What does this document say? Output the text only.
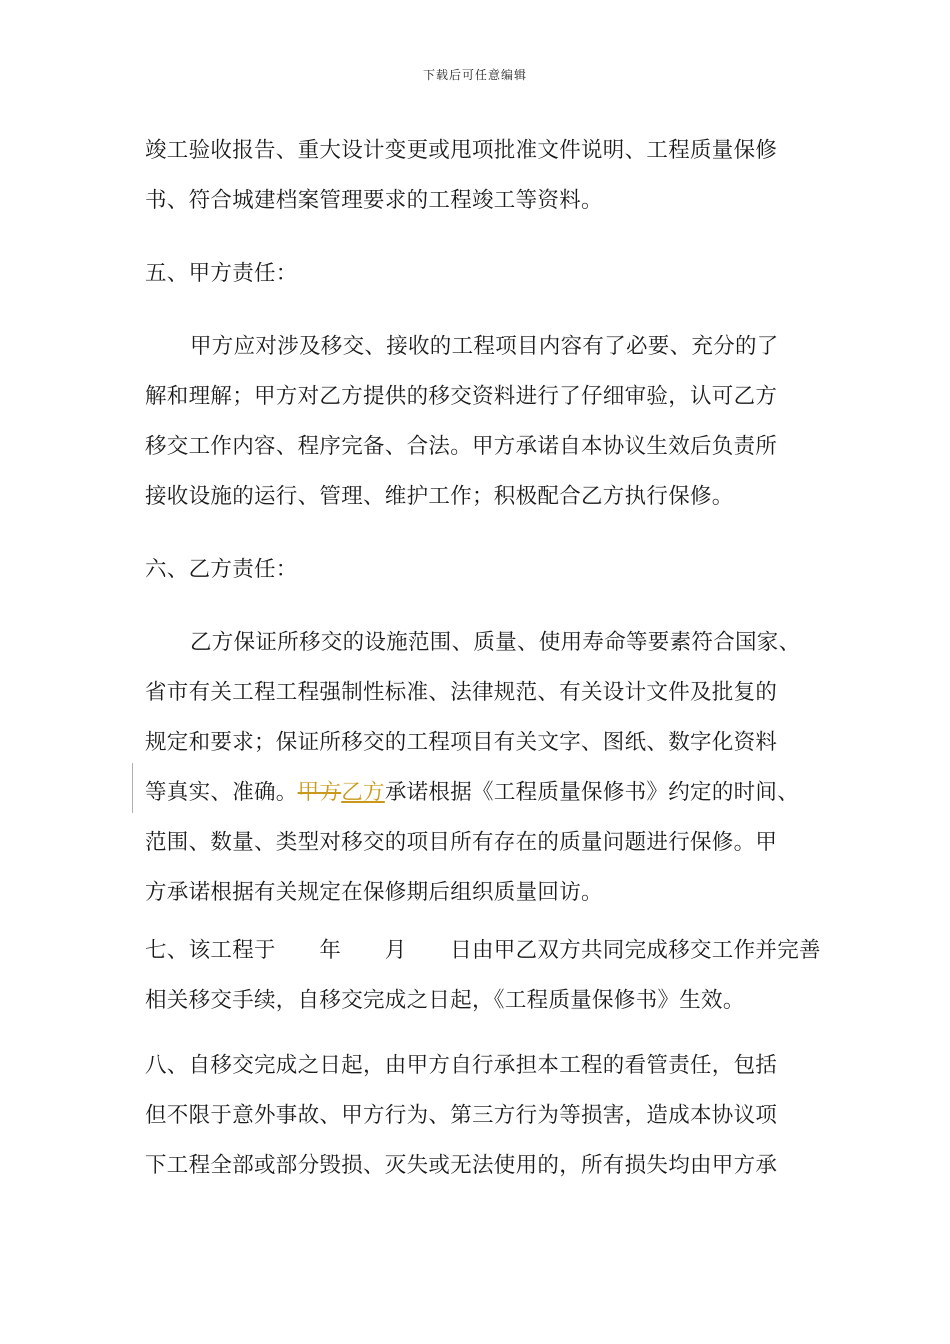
下载后可任意编辑
竣工验收报告、重大设计变更或甩项批准文件说明、工程质量保修
书、符合城建档案管理要求的工程竣工等资料。
五、甲方责任：
甲方应对涉及移交、接收的工程项目内容有了必要、充分的了
解和理解；甲方对乙方提供的移交资料进行了仔细审验，认可乙方
移交工作内容、程序完备、合法。甲方承诺自本协议生效后负责所
接收设施的运行、管理、维护工作；积极配合乙方执行保修。
六、乙方责任：
乙方保证所移交的设施范围、质量、使用寿命等要素符合国家、
省市有关工程工程强制性标准、法律规范、有关设计文件及批复的
规定和要求；保证所移交的工程项目有关文字、图纸、数字化资料
等真实、准确。甲方乙方承诺根据《工程质量保修书》约定的时间、
范围、数量、类型对移交的项目所有存在的质量问题进行保修。甲
方承诺根据有关规定在保修期后组织质量回访。
七、该工程于　　年　　月　　日由甲乙双方共同完成移交工作并完善
相关移交手续，自移交完成之日起，《工程质量保修书》生效。
八、自移交完成之日起，由甲方自行承担本工程的看管责任，包括
但不限于意外事故、甲方行为、第三方行为等损害，造成本协议项
下工程全部或部分毁损、灭失或无法使用的，所有损失均由甲方承
